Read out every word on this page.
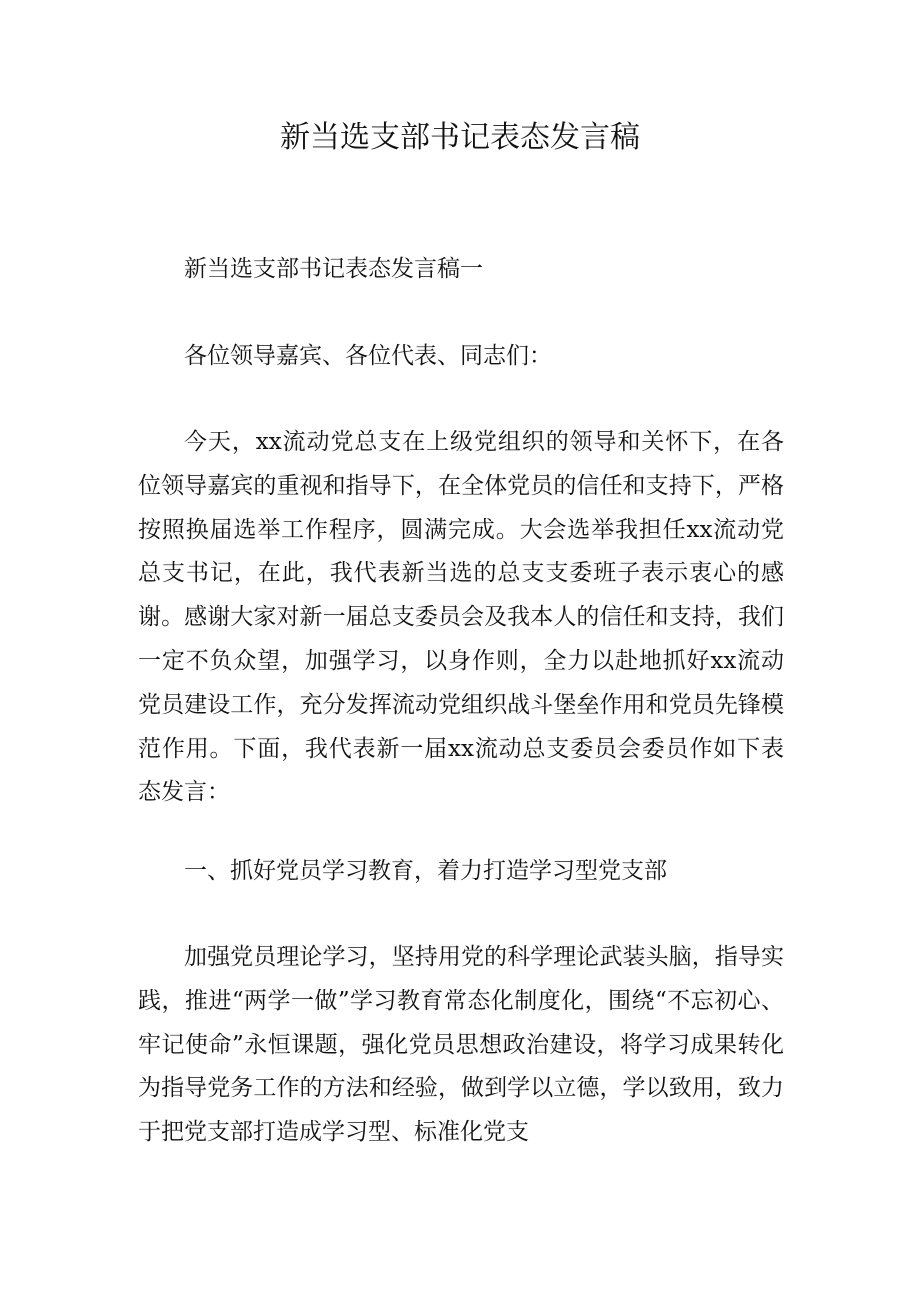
新当选支部书记表态发言稿

新当选支部书记表态发言稿一

各位领导嘉宾、各位代表、同志们：

今天，xx流动党总支在上级党组织的领导和关怀下，在各位领导嘉宾的重视和指导下，在全体党员的信任和支持下，严格按照换届选举工作程序，圆满完成。大会选举我担任xx流动党总支书记，在此，我代表新当选的总支支委班子表示衷心的感谢。感谢大家对新一届总支委员会及我本人的信任和支持，我们一定不负众望，加强学习，以身作则，全力以赴地抓好xx流动党员建设工作，充分发挥流动党组织战斗堡垒作用和党员先锋模范作用。下面，我代表新一届xx流动总支委员会委员作如下表态发言：

一、抓好党员学习教育，着力打造学习型党支部

加强党员理论学习，坚持用党的科学理论武装头脑，指导实践，推进“两学一做”学习教育常态化制度化，围绕“不忘初心、牢记使命”永恒课题，强化党员思想政治建设，将学习成果转化为指导党务工作的方法和经验，做到学以立德，学以致用，致力于把党支部打造成学习型、标准化党支
